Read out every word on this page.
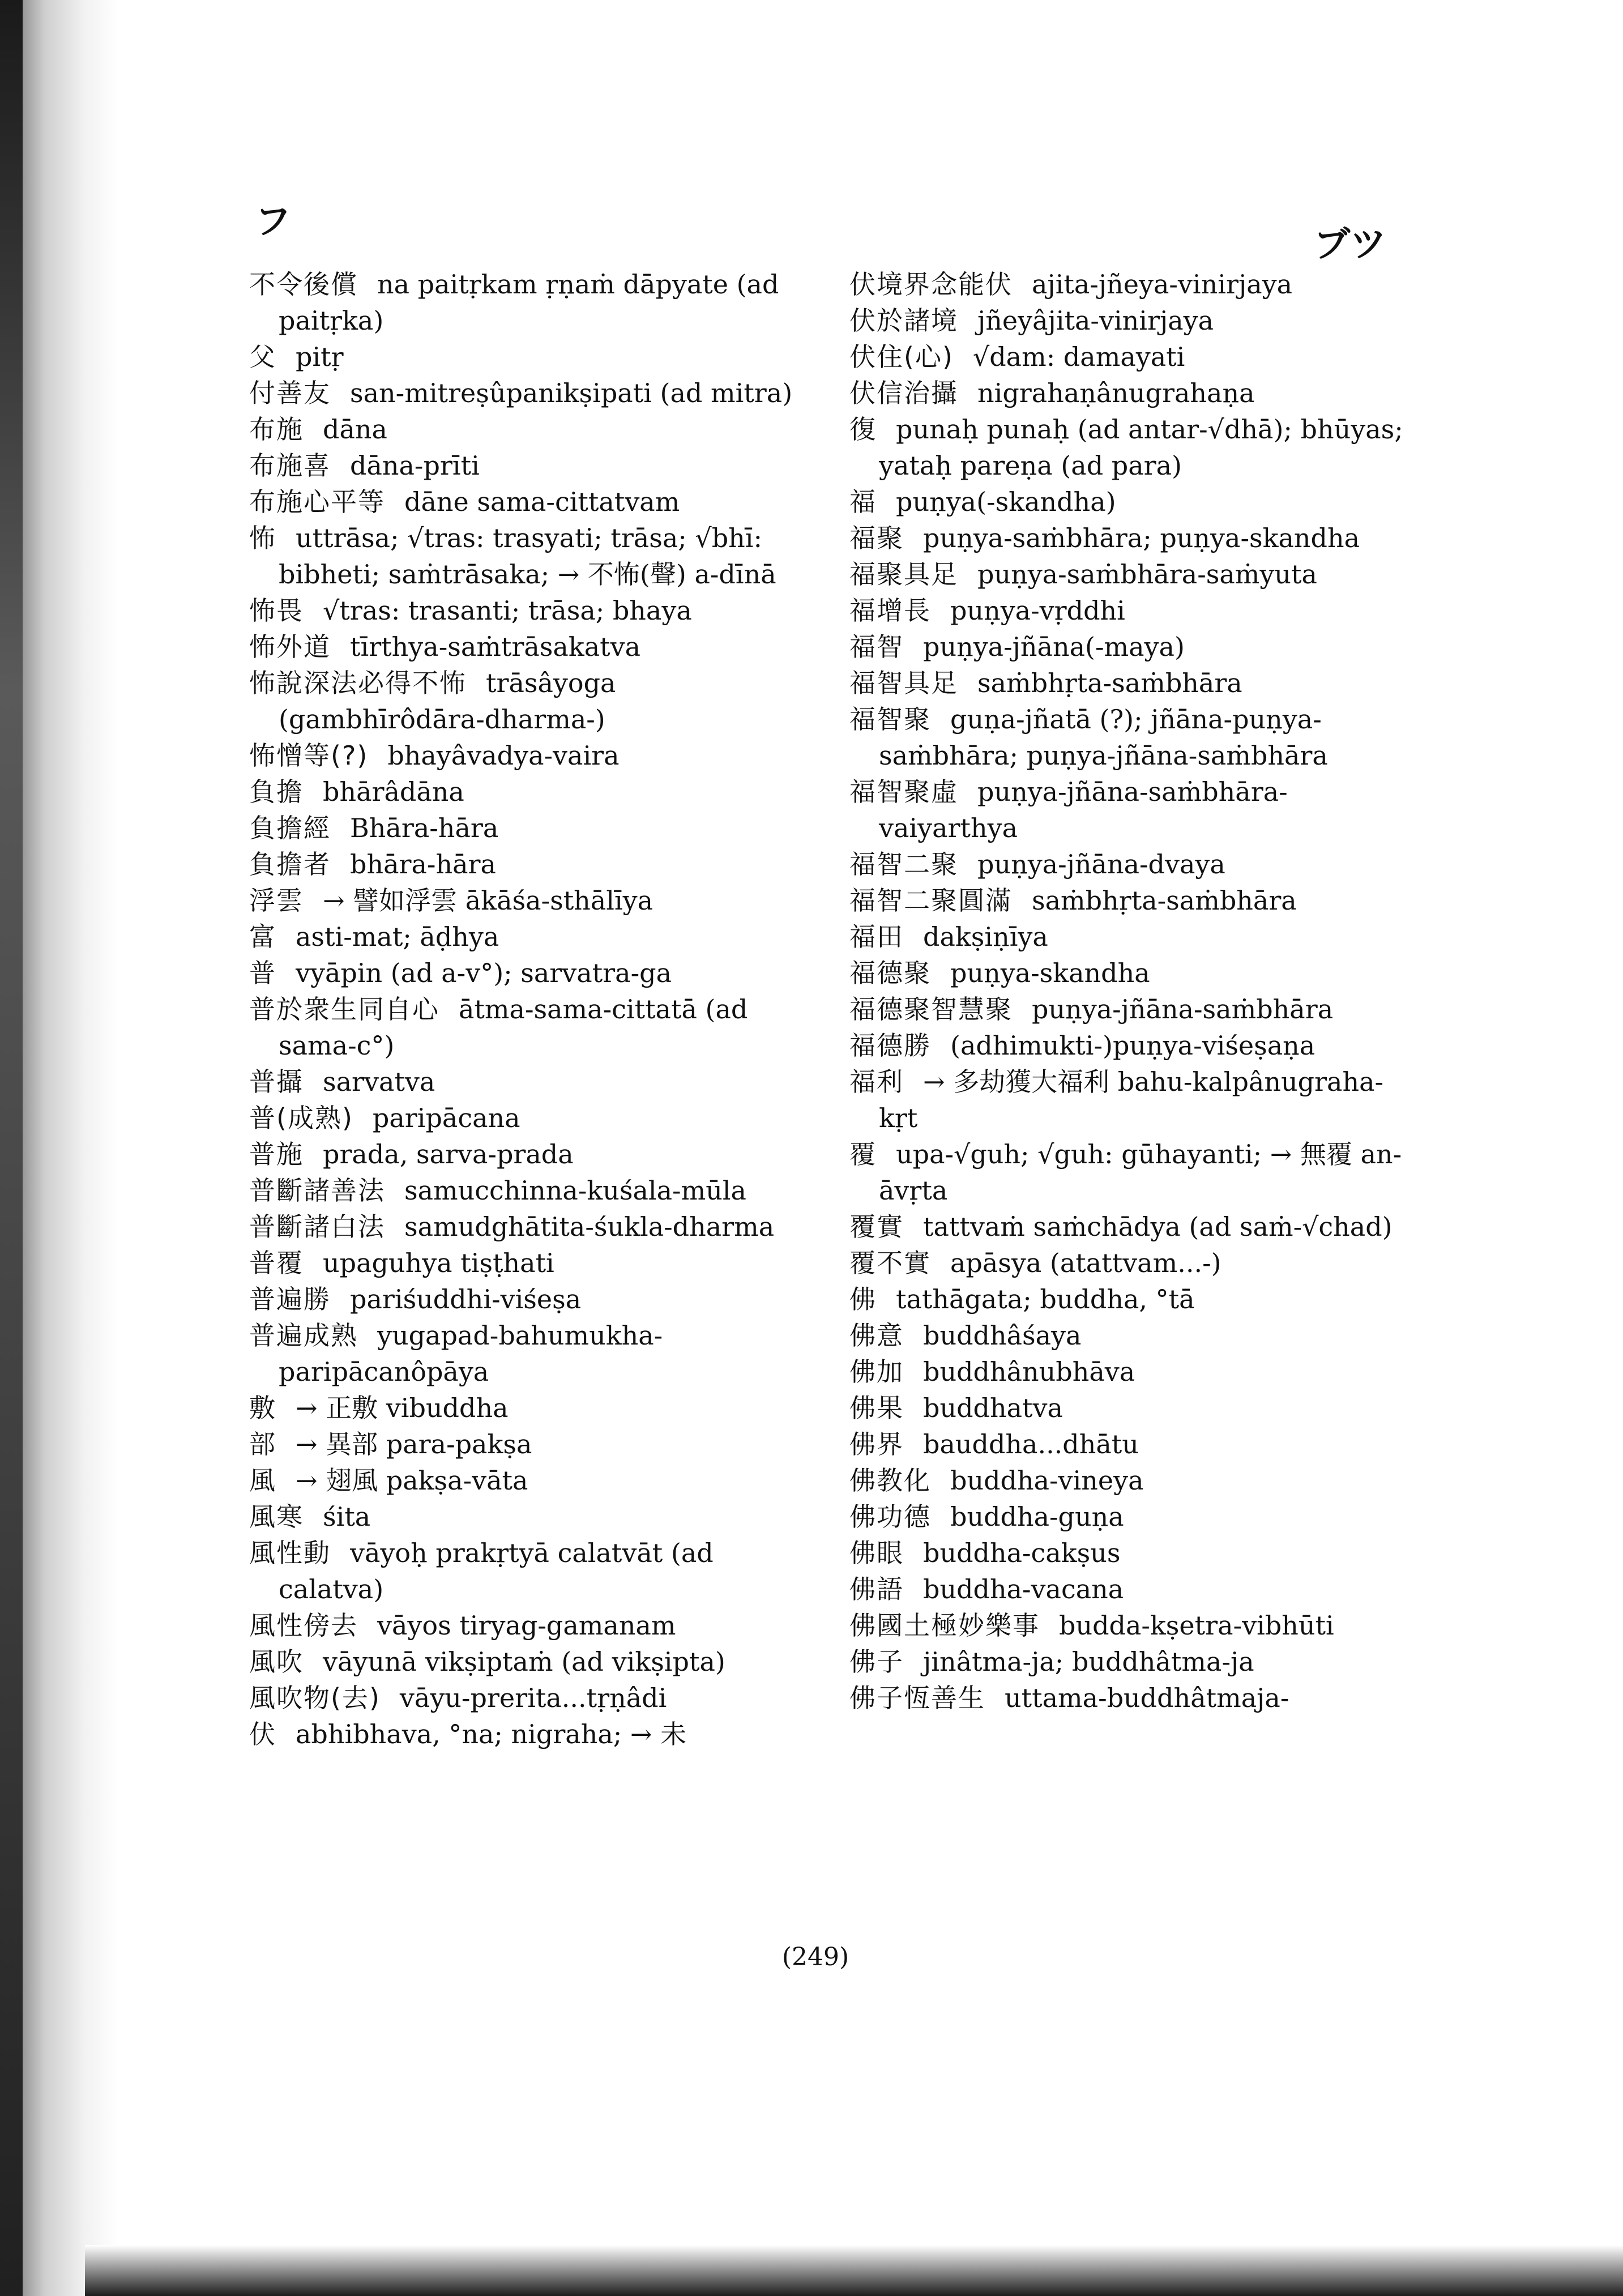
フ
ブツ
不令後償 na paitṛkam ṛṇaṁ dāpyate (ad paitṛka)
父 pitṛ
付善友 san-mitreṣûpanikṣipati (ad mitra)
布施 dāna
布施喜 dāna-prīti
布施心平等 dāne sama-cittatvam
怖 uttrāsa; √tras: trasyati; trāsa; √bhī: bibheti; saṁtrāsaka; → 不怖(聲) a-dīnā
怖畏 √tras: trasanti; trāsa; bhaya
怖外道 tīrthya-saṁtrāsakatva
怖說深法必得不怖 trāsâyoga (gambhīrôdāra-dharma-)
怖憎等(?) bhayâvadya-vaira
負擔 bhārâdāna
負擔經 Bhāra-hāra
負擔者 bhāra-hāra
浮雲 → 譬如浮雲 ākāśa-sthālīya
富 asti-mat; āḍhya
普 vyāpin (ad a-v°); sarvatra-ga
普於衆生同自心 ātma-sama-cittatā (ad sama-c°)
普攝 sarvatva
普(成熟) paripācana
普施 prada, sarva-prada
普斷諸善法 samucchinna-kuśala-mūla
普斷諸白法 samudghātita-śukla-dharma
普覆 upaguhya tiṣṭhati
普遍勝 pariśuddhi-viśeṣa
普遍成熟 yugapad-bahumukha-paripācanôpāya
敷 → 正敷 vibuddha
部 → 異部 para-pakṣa
風 → 翅風 pakṣa-vāta
風寒 śita
風性動 vāyoḥ prakṛtyā calatvāt (ad calatva)
風性傍去 vāyos tiryag-gamanam
風吹 vāyunā vikṣiptaṁ (ad vikṣipta)
風吹物(去) vāyu-prerita...tṛṇâdi
伏 abhibhava, °na; nigraha; → 未
伏境界念能伏 ajita-jñeya-vinirjaya
伏於諸境 jñeyâjita-vinirjaya
伏住(心) √dam: damayati
伏信治攝 nigrahaṇânugrahaṇa
復 punaḥ punaḥ (ad antar-√dhā); bhūyas; yataḥ pareṇa (ad para)
福 puṇya(-skandha)
福聚 puṇya-saṁbhāra; puṇya-skandha
福聚具足 puṇya-saṁbhāra-saṁyuta
福增長 puṇya-vṛddhi
福智 puṇya-jñāna(-maya)
福智具足 saṁbhṛta-saṁbhāra
福智聚 guṇa-jñatā (?); jñāna-puṇya-saṁbhāra; puṇya-jñāna-saṁbhāra
福智聚虛 puṇya-jñāna-saṁbhāra-vaiyarthya
福智二聚 puṇya-jñāna-dvaya
福智二聚圓滿 saṁbhṛta-saṁbhāra
福田 dakṣiṇīya
福德聚 puṇya-skandha
福德聚智慧聚 puṇya-jñāna-saṁbhāra
福德勝 (adhimukti-)puṇya-viśeṣaṇa
福利 → 多劫獲大福利 bahu-kalpânugraha-kṛt
覆 upa-√guh; √guh: gūhayanti; → 無覆 an-āvṛta
覆實 tattvaṁ saṁchādya (ad saṁ-√chad)
覆不實 apāsya (atattvam...-)
佛 tathāgata; buddha, °tā
佛意 buddhâśaya
佛加 buddhânubhāva
佛果 buddhatva
佛界 bauddha...dhātu
佛教化 buddha-vineya
佛功德 buddha-guṇa
佛眼 buddha-cakṣus
佛語 buddha-vacana
佛國土極妙樂事 budda-kṣetra-vibhūti
佛子 jinâtma-ja; buddhâtma-ja
佛子恆善生 uttama-buddhâtmaja-
(249)
